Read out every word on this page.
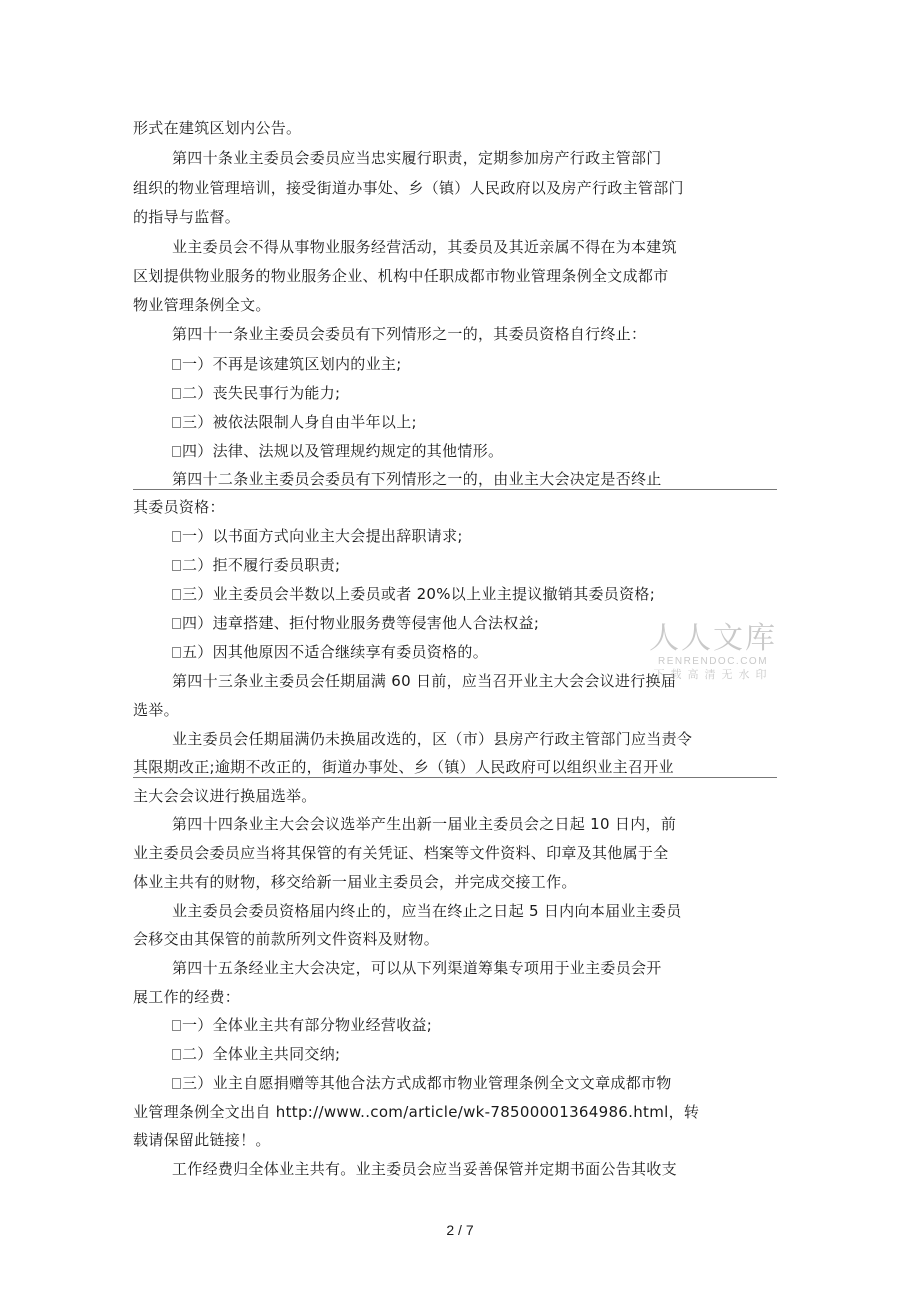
形式在建筑区划内公告。
第四十条业主委员会委员应当忠实履行职责，定期参加房产行政主管部门
组织的物业管理培训，接受街道办事处、乡（镇）人民政府以及房产行政主管部门
的指导与监督。
业主委员会不得从事物业服务经营活动，其委员及其近亲属不得在为本建筑
区划提供物业服务的物业服务企业、机构中任职成都市物业管理条例全文成都市
物业管理条例全文。
第四十一条业主委员会委员有下列情形之一的，其委员资格自行终止：
一）不再是该建筑区划内的业主;
二）丧失民事行为能力;
三）被依法限制人身自由半年以上;
四）法律、法规以及管理规约规定的其他情形。
第四十二条业主委员会委员有下列情形之一的，由业主大会决定是否终止
其委员资格：
一）以书面方式向业主大会提出辞职请求;
二）拒不履行委员职责;
三）业主委员会半数以上委员或者 20%以上业主提议撤销其委员资格;
四）违章搭建、拒付物业服务费等侵害他人合法权益;
五）因其他原因不适合继续享有委员资格的。
第四十三条业主委员会任期届满 60 日前，应当召开业主大会会议进行换届
选举。
业主委员会任期届满仍未换届改选的，区（市）县房产行政主管部门应当责令
其限期改正;逾期不改正的，街道办事处、乡（镇）人民政府可以组织业主召开业
主大会会议进行换届选举。
第四十四条业主大会会议选举产生出新一届业主委员会之日起 10 日内，前
业主委员会委员应当将其保管的有关凭证、档案等文件资料、印章及其他属于全
体业主共有的财物，移交给新一届业主委员会，并完成交接工作。
业主委员会委员资格届内终止的，应当在终止之日起 5 日内向本届业主委员
会移交由其保管的前款所列文件资料及财物。
第四十五条经业主大会决定，可以从下列渠道筹集专项用于业主委员会开
展工作的经费：
一）全体业主共有部分物业经营收益;
二）全体业主共同交纳;
三）业主自愿捐赠等其他合法方式成都市物业管理条例全文文章成都市物
业管理条例全文出自 http://www..com/article/wk-78500001364986.html，转
载请保留此链接！。
工作经费归全体业主共有。业主委员会应当妥善保管并定期书面公告其收支
人人文库
RENRENDOC.COM
下载高清无水印
2 / 7
